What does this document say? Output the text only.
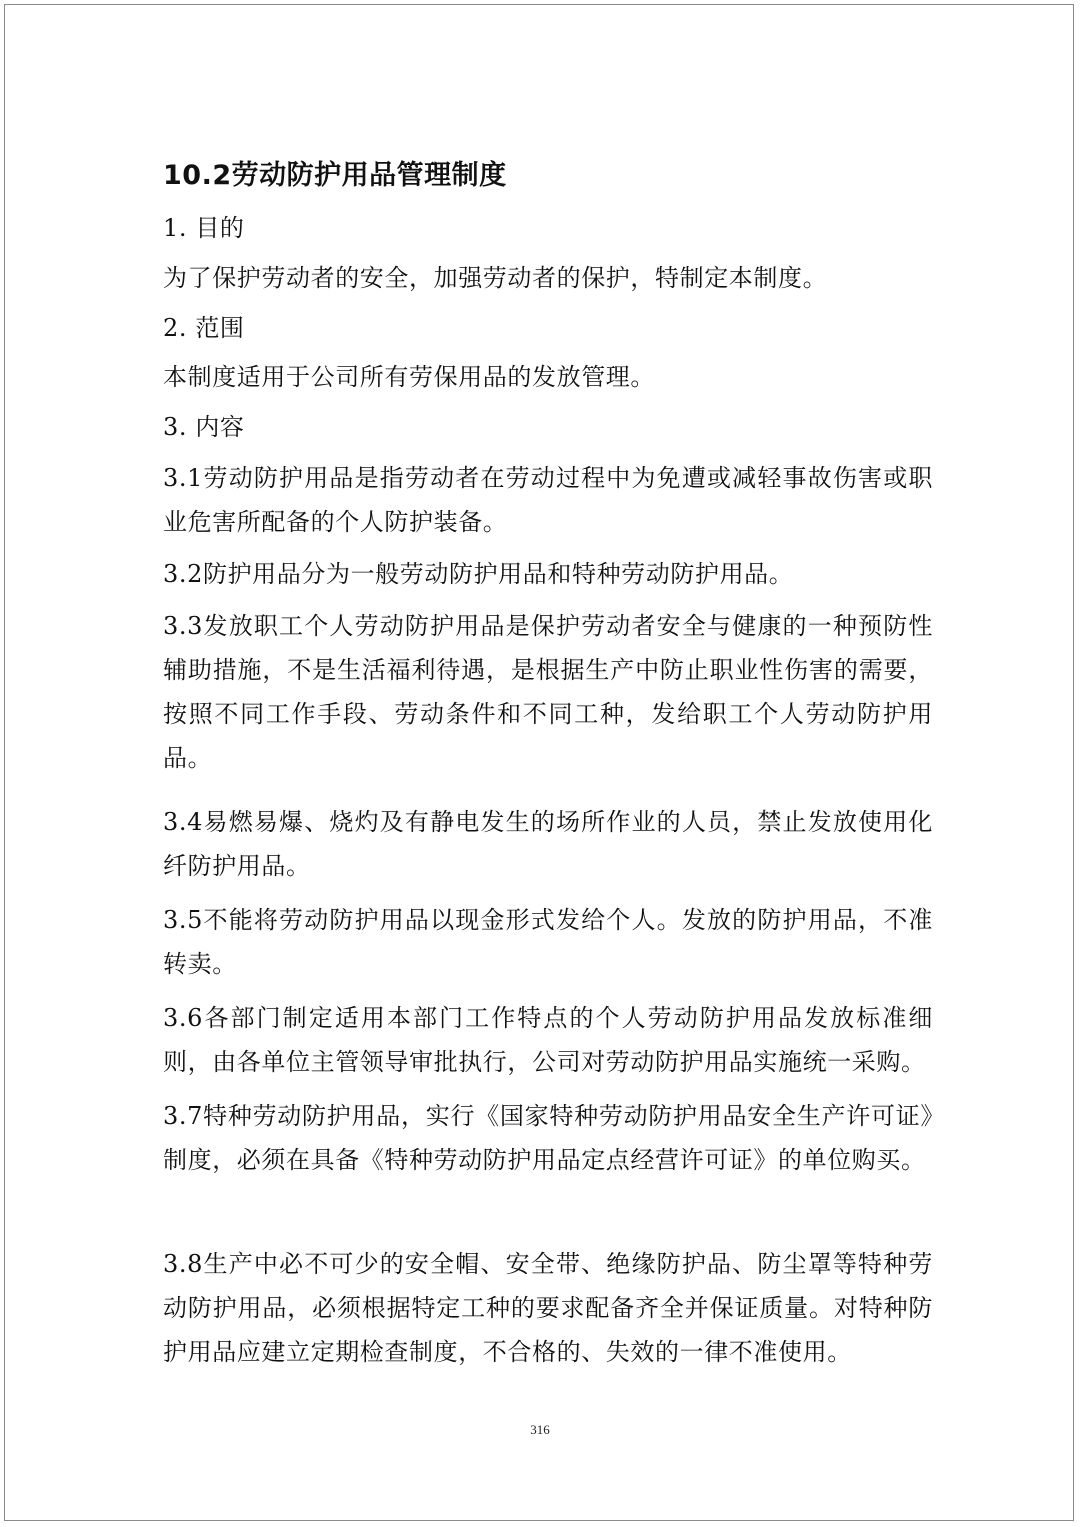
10.2劳动防护用品管理制度
1. 目的
为了保护劳动者的安全，加强劳动者的保护，特制定本制度。
2. 范围
本制度适用于公司所有劳保用品的发放管理。
3. 内容
3.1劳动防护用品是指劳动者在劳动过程中为免遭或减轻事故伤害或职业危害所配备的个人防护装备。
3.2防护用品分为一般劳动防护用品和特种劳动防护用品。
3.3发放职工个人劳动防护用品是保护劳动者安全与健康的一种预防性辅助措施，不是生活福利待遇，是根据生产中防止职业性伤害的需要，按照不同工作手段、劳动条件和不同工种，发给职工个人劳动防护用品。
3.4易燃易爆、烧灼及有静电发生的场所作业的人员，禁止发放使用化纤防护用品。
3.5不能将劳动防护用品以现金形式发给个人。发放的防护用品，不准转卖。
3.6各部门制定适用本部门工作特点的个人劳动防护用品发放标准细则，由各单位主管领导审批执行，公司对劳动防护用品实施统一采购。
3.7特种劳动防护用品，实行《国家特种劳动防护用品安全生产许可证》制度，必须在具备《特种劳动防护用品定点经营许可证》的单位购买。
3.8生产中必不可少的安全帽、安全带、绝缘防护品、防尘罩等特种劳动防护用品，必须根据特定工种的要求配备齐全并保证质量。对特种防护用品应建立定期检查制度，不合格的、失效的一律不准使用。
316
